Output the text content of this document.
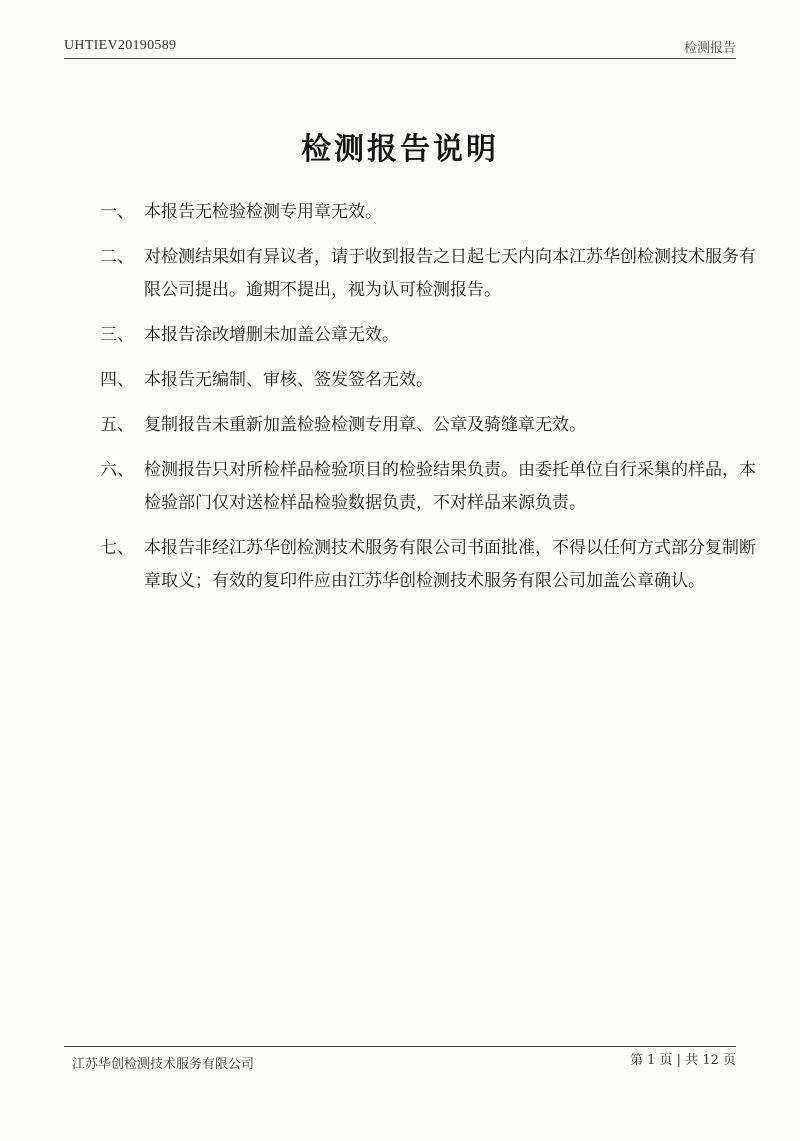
UHTIEV20190589	检测报告
检测报告说明
一、 本报告无检验检测专用章无效。
二、 对检测结果如有异议者，请于收到报告之日起七天内向本江苏华创检测技术服务有限公司提出。逾期不提出，视为认可检测报告。
三、 本报告涂改增删未加盖公章无效。
四、 本报告无编制、审核、签发签名无效。
五、 复制报告未重新加盖检验检测专用章、公章及骑缝章无效。
六、 检测报告只对所检样品检验项目的检验结果负责。由委托单位自行采集的样品，本检验部门仅对送检样品检验数据负责，不对样品来源负责。
七、 本报告非经江苏华创检测技术服务有限公司书面批准，不得以任何方式部分复制断章取义；有效的复印件应由江苏华创检测技术服务有限公司加盖公章确认。
江苏华创检测技术服务有限公司	第 1 页 | 共 12 页
